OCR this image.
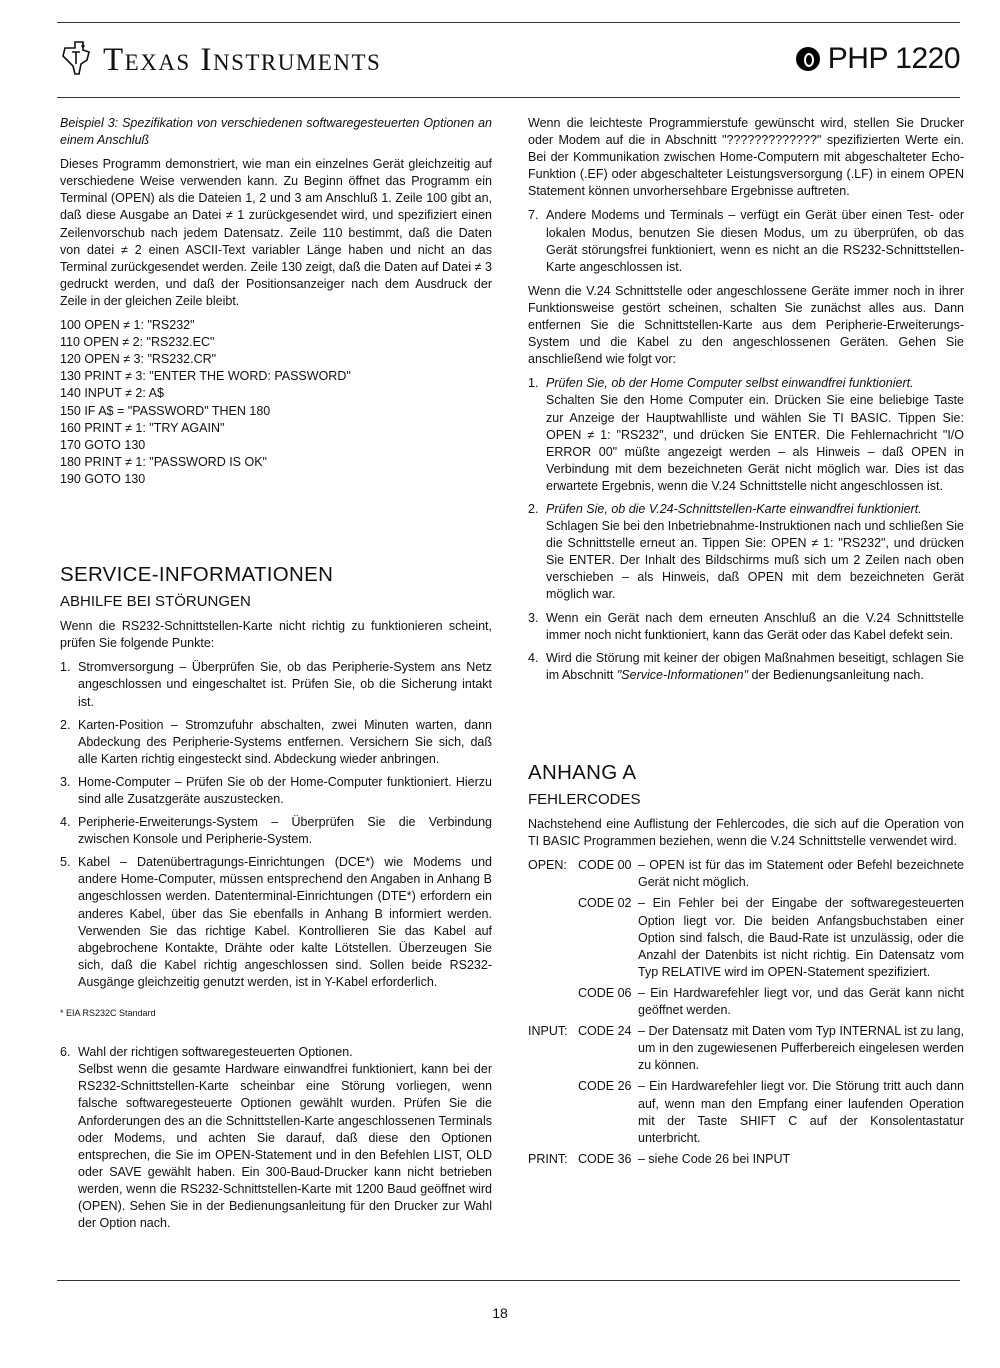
Texas Instruments	PHP 1220

Beispiel 3: Spezifikation von verschiedenen softwaregesteuerten Optionen an einem Anschluß

Dieses Programm demonstriert, wie man ein einzelnes Gerät gleichzeitig auf verschiedene Weise verwenden kann. Zu Beginn öffnet das Programm ein Terminal (OPEN) als die Dateien 1, 2 und 3 am Anschluß 1. Zeile 100 gibt an, daß diese Ausgabe an Datei ≠ 1 zurückgesendet wird, und spezifiziert einen Zeilenvorschub nach jedem Datensatz. Zeile 110 bestimmt, daß die Daten von datei ≠ 2 einen ASCII-Text variabler Länge haben und nicht an das Terminal zurückgesendet werden. Zeile 130 zeigt, daß die Daten auf Datei ≠ 3 gedruckt werden, und daß der Positionsanzeiger nach dem Ausdruck der Zeile in der gleichen Zeile bleibt.

100 OPEN ≠ 1: "RS232"

110 OPEN ≠ 2: "RS232.EC"

120 OPEN ≠ 3: "RS232.CR"

130 PRINT ≠ 3: "ENTER THE WORD: PASSWORD"

140 INPUT ≠ 2: A$

150 IF A$ = "PASSWORD" THEN 180

160 PRINT ≠ 1: "TRY AGAIN"

170 GOTO 130

180 PRINT ≠ 1: "PASSWORD IS OK"

190 GOTO 130

SERVICE-INFORMATIONEN
ABHILFE BEI STÖRUNGEN

Wenn die RS232-Schnittstellen-Karte nicht richtig zu funktionieren scheint, prüfen Sie folgende Punkte:

1. Stromversorgung – Überprüfen Sie, ob das Peripherie-System ans Netz angeschlossen und eingeschaltet ist. Prüfen Sie, ob die Sicherung intakt ist.
2. Karten-Position – Stromzufuhr abschalten, zwei Minuten warten, dann Abdeckung des Peripherie-Systems entfernen. Versichern Sie sich, daß alle Karten richtig eingesteckt sind. Abdeckung wieder anbringen.
3. Home-Computer – Prüfen Sie ob der Home-Computer funktioniert. Hierzu sind alle Zusatzgeräte auszustecken.
4. Peripherie-Erweiterungs-System – Überprüfen Sie die Verbindung zwischen Konsole und Peripherie-System.
5. Kabel – Datenübertragungs-Einrichtungen (DCE*) wie Modems und andere Home-Computer, müssen entsprechend den Angaben in Anhang B angeschlossen werden. Datenterminal-Einrichtungen (DTE*) erfordern ein anderes Kabel, über das Sie ebenfalls in Anhang B informiert werden. Verwenden Sie das richtige Kabel. Kontrollieren Sie das Kabel auf abgebrochene Kontakte, Drähte oder kalte Lötstellen. Überzeugen Sie sich, daß die Kabel richtig angeschlossen sind. Sollen beide RS232-Ausgänge gleichzeitig genutzt werden, ist in Y-Kabel erforderlich.
* EIA RS232C Standard
6. Wahl der richtigen softwaregesteuerten Optionen.
Selbst wenn die gesamte Hardware einwandfrei funktioniert, kann bei der RS232-Schnittstellen-Karte scheinbar eine Störung vorliegen, wenn falsche softwaregesteuerte Optionen gewählt wurden. Prüfen Sie die Anforderungen des an die Schnittstellen-Karte angeschlossenen Terminals oder Modems, und achten Sie darauf, daß diese den Optionen entsprechen, die Sie im OPEN-Statement und in den Befehlen LIST, OLD oder SAVE gewählt haben. Ein 300-Baud-Drucker kann nicht betrieben werden, wenn die RS232-Schnittstellen-Karte mit 1200 Baud geöffnet wird (OPEN). Sehen Sie in der Bedienungsanleitung für den Drucker zur Wahl der Option nach.

Wenn die leichteste Programmierstufe gewünscht wird, stellen Sie Drucker oder Modem auf die in Abschnitt "?????????????" spezifizierten Werte ein. Bei der Kommunikation zwischen Home-Computern mit abgeschalteter Echo-Funktion (.EF) oder abgeschalteter Leistungsversorgung (.LF) in einem OPEN Statement können unvorhersehbare Ergebnisse auftreten.

7. Andere Modems und Terminals – verfügt ein Gerät über einen Test- oder lokalen Modus, benutzen Sie diesen Modus, um zu überprüfen, ob das Gerät störungsfrei funktioniert, wenn es nicht an die RS232-Schnittstellen-Karte angeschlossen ist.

Wenn die V.24 Schnittstelle oder angeschlossene Geräte immer noch in ihrer Funktionsweise gestört scheinen, schalten Sie zunächst alles aus. Dann entfernen Sie die Schnittstellen-Karte aus dem Peripherie-Erweiterungs-System und die Kabel zu den angeschlossenen Geräten. Gehen Sie anschließend wie folgt vor:

1. Prüfen Sie, ob der Home Computer selbst einwandfrei funktioniert.
Schalten Sie den Home Computer ein. Drücken Sie eine beliebige Taste zur Anzeige der Hauptwahlliste und wählen Sie TI BASIC. Tippen Sie: OPEN ≠ 1: "RS232", und drücken Sie ENTER. Die Fehlernachricht "I/O ERROR 00" müßte angezeigt werden – als Hinweis – daß OPEN in Verbindung mit dem bezeichneten Gerät nicht möglich war. Dies ist das erwartete Ergebnis, wenn die V.24 Schnittstelle nicht angeschlossen ist.
2. Prüfen Sie, ob die V.24-Schnittstellen-Karte einwandfrei funktioniert.
Schlagen Sie bei den Inbetriebnahme-Instruktionen nach und schließen Sie die Schnittstelle erneut an. Tippen Sie: OPEN ≠ 1: "RS232", und drücken Sie ENTER. Der Inhalt des Bildschirms muß sich um 2 Zeilen nach oben verschieben – als Hinweis, daß OPEN mit dem bezeichneten Gerät möglich war.
3. Wenn ein Gerät nach dem erneuten Anschluß an die V.24 Schnittstelle immer noch nicht funktioniert, kann das Gerät oder das Kabel defekt sein.
4. Wird die Störung mit keiner der obigen Maßnahmen beseitigt, schlagen Sie im Abschnitt "Service-Informationen" der Bedienungsanleitung nach.
ANHANG A
FEHLERCODES

Nachstehend eine Auflistung der Fehlercodes, die sich auf die Operation von TI BASIC Programmen beziehen, wenn die V.24 Schnittstelle verwendet wird.

OPEN: CODE 00 – OPEN ist für das im Statement oder Befehl bezeichnete Gerät nicht möglich.
CODE 02 – Ein Fehler bei der Eingabe der softwaregesteuerten Option liegt vor. Die beiden Anfangsbuchstaben einer Option sind falsch, die Baud-Rate ist unzulässig, oder die Anzahl der Datenbits ist nicht richtig. Ein Datensatz vom Typ RELATIVE wird im OPEN-Statement spezifiziert.
CODE 06 – Ein Hardwarefehler liegt vor, und das Gerät kann nicht geöffnet werden.
INPUT: CODE 24 – Der Datensatz mit Daten vom Typ INTERNAL ist zu lang, um in den zugewiesenen Pufferbereich eingelesen werden zu können.
CODE 26 – Ein Hardwarefehler liegt vor. Die Störung tritt auch dann auf, wenn man den Empfang einer laufenden Operation mit der Taste SHIFT C auf der Konsolentastatur unterbricht.
PRINT: CODE 36 – siehe Code 26 bei INPUT
18
